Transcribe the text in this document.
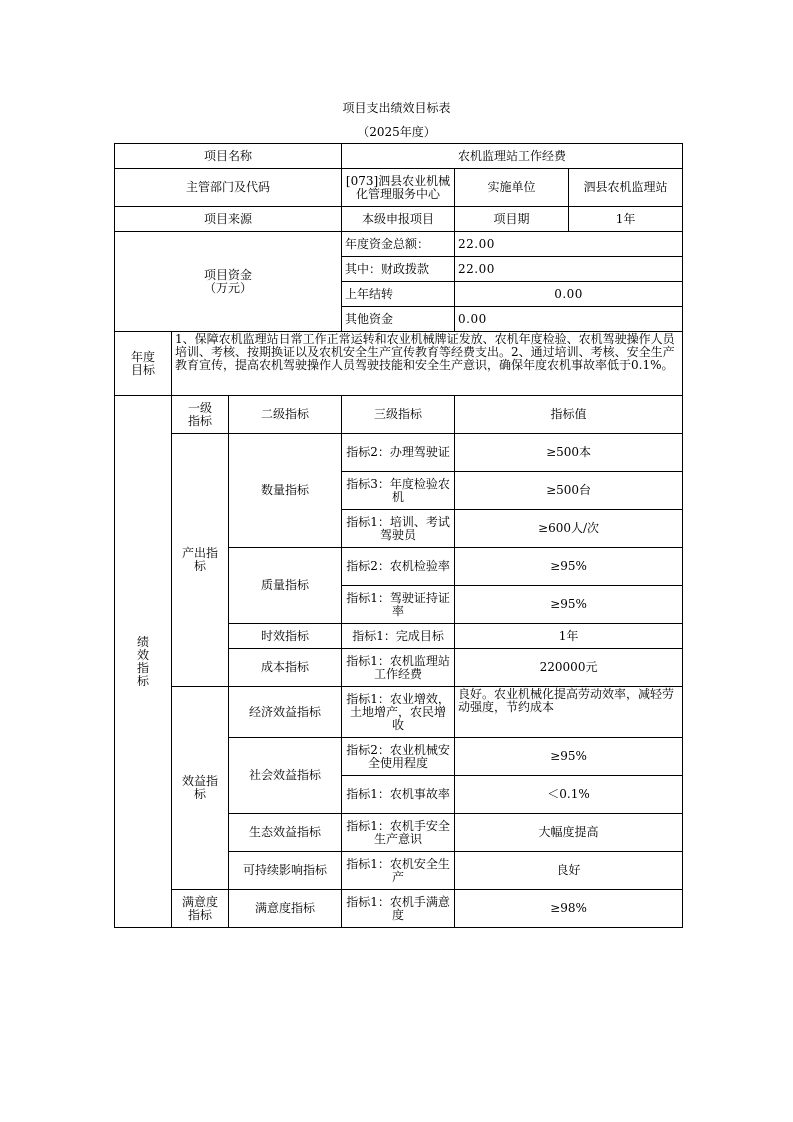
项目支出绩效目标表
（2025年度）
项目名称			农机监理站工作经费		
主管部门及代码			[073]泗县农业机械化管理服务中心	实施单位	泗县农机监理站
项目来源			本级申报项目	项目期	1年
项目资金
（万元）			年度资金总额：	22.00	
			其中：财政拨款	22.00	
			上年结转	0.00	
			其他资金	0.00	
年度目标	1、保障农机监理站日常工作正常运转和农业机械牌证发放、农机年度检验、农机驾驶操作人员培训、考核、按期换证以及农机安全生产宣传教育等经费支出。2、通过培训、考核、安全生产教育宣传，提高农机驾驶操作人员驾驶技能和安全生产意识，确保年度农机事故率低于0.1%。				
绩效指标	一级指标	二级指标	三级指标	指标值	
	产出指标	数量指标	指标2：办理驾驶证	≥500本	
			指标3：年度检验农机	≥500台	
			指标1：培训、考试驾驶员	≥600人/次	
		质量指标	指标2：农机检验率	≥95%	
			指标1：驾驶证持证率	≥95%	
		时效指标	指标1：完成目标	1年	
		成本指标	指标1：农机监理站工作经费	220000元	
	效益指标	经济效益指标	指标1：农业增效，土地增产，农民增收	良好。农业机械化提高劳动效率，减轻劳动强度，节约成本	
		社会效益指标	指标2：农业机械安全使用程度	≥95%	
			指标1：农机事故率	＜0.1%	
		生态效益指标	指标1：农机手安全生产意识	大幅度提高	
		可持续影响指标	指标1：农机安全生产	良好	
	满意度指标	满意度指标	指标1：农机手满意度	≥98%	
